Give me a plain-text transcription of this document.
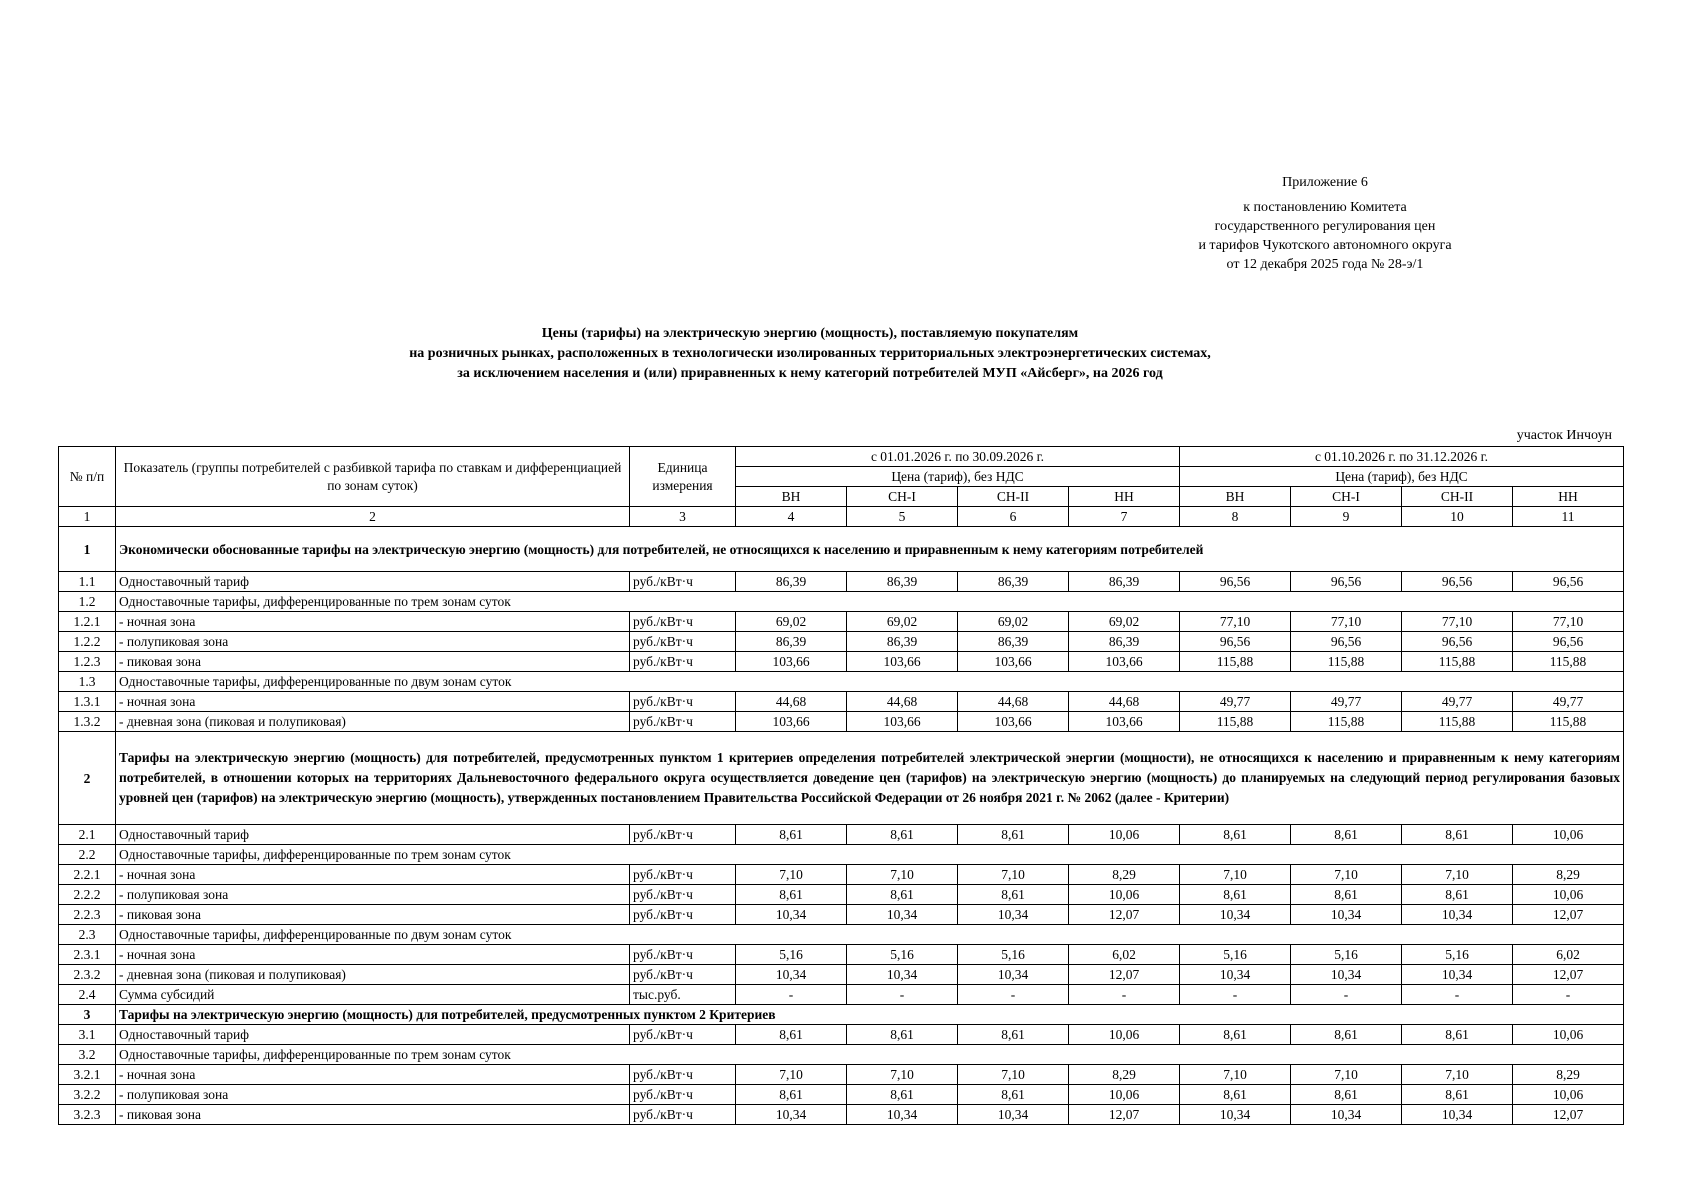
Приложение 6
к постановлению Комитета
государственного регулирования цен
и тарифов Чукотского автономного округа
от 12 декабря 2025 года № 28-э/1
Цены (тарифы) на электрическую энергию (мощность), поставляемую покупателям
на розничных рынках, расположенных в технологически изолированных территориальных электроэнергетических системах,
за исключением населения и (или) приравненных к нему категорий потребителей МУП «Айсберг», на 2026 год
участок Инчоун
№ п/п	Показатель (группы потребителей с разбивкой тарифа по ставкам и дифференциацией по зонам суток)	Единица измерения	с 01.01.2026 г. по 30.09.2026 г.				с 01.10.2026 г. по 31.12.2026 г.			
			Цена (тариф), без НДС				Цена (тариф), без НДС			
			ВН	СН-I	СН-II	НН	ВН	СН-I	СН-II	НН
1	2	3	4	5	6	7	8	9	10	11
1	Экономически обоснованные тарифы на электрическую энергию (мощность) для потребителей, не относящихся к населению и приравненным к нему категориям потребителей									
1.1	Одноставочный тариф	руб./кВт·ч	86,39	86,39	86,39	86,39	96,56	96,56	96,56	96,56
1.2	Одноставочные тарифы, дифференцированные по трем зонам суток									
1.2.1	- ночная зона	руб./кВт·ч	69,02	69,02	69,02	69,02	77,10	77,10	77,10	77,10
1.2.2	- полупиковая зона	руб./кВт·ч	86,39	86,39	86,39	86,39	96,56	96,56	96,56	96,56
1.2.3	- пиковая зона	руб./кВт·ч	103,66	103,66	103,66	103,66	115,88	115,88	115,88	115,88
1.3	Одноставочные тарифы, дифференцированные по двум зонам суток									
1.3.1	- ночная зона	руб./кВт·ч	44,68	44,68	44,68	44,68	49,77	49,77	49,77	49,77
1.3.2	- дневная зона (пиковая и полупиковая)	руб./кВт·ч	103,66	103,66	103,66	103,66	115,88	115,88	115,88	115,88
2	Тарифы на электрическую энергию (мощность) для потребителей, предусмотренных пунктом 1 критериев определения потребителей электрической энергии (мощности), не относящихся к населению и приравненным к нему категориям потребителей, в отношении которых на территориях Дальневосточного федерального округа осуществляется доведение цен (тарифов) на электрическую энергию (мощность) до планируемых на следующий период регулирования базовых уровней цен (тарифов) на электрическую энергию (мощность), утвержденных постановлением Правительства Российской Федерации от 26 ноября 2021 г. № 2062 (далее - Критерии)									
2.1	Одноставочный тариф	руб./кВт·ч	8,61	8,61	8,61	10,06	8,61	8,61	8,61	10,06
2.2	Одноставочные тарифы, дифференцированные по трем зонам суток									
2.2.1	- ночная зона	руб./кВт·ч	7,10	7,10	7,10	8,29	7,10	7,10	7,10	8,29
2.2.2	- полупиковая зона	руб./кВт·ч	8,61	8,61	8,61	10,06	8,61	8,61	8,61	10,06
2.2.3	- пиковая зона	руб./кВт·ч	10,34	10,34	10,34	12,07	10,34	10,34	10,34	12,07
2.3	Одноставочные тарифы, дифференцированные по двум зонам суток									
2.3.1	- ночная зона	руб./кВт·ч	5,16	5,16	5,16	6,02	5,16	5,16	5,16	6,02
2.3.2	- дневная зона (пиковая и полупиковая)	руб./кВт·ч	10,34	10,34	10,34	12,07	10,34	10,34	10,34	12,07
2.4	Сумма субсидий	тыс.руб.	-	-	-	-	-	-	-	-
3	Тарифы на электрическую энергию (мощность) для потребителей, предусмотренных пунктом 2 Критериев									
3.1	Одноставочный тариф	руб./кВт·ч	8,61	8,61	8,61	10,06	8,61	8,61	8,61	10,06
3.2	Одноставочные тарифы, дифференцированные по трем зонам суток									
3.2.1	- ночная зона	руб./кВт·ч	7,10	7,10	7,10	8,29	7,10	7,10	7,10	8,29
3.2.2	- полупиковая зона	руб./кВт·ч	8,61	8,61	8,61	10,06	8,61	8,61	8,61	10,06
3.2.3	- пиковая зона	руб./кВт·ч	10,34	10,34	10,34	12,07	10,34	10,34	10,34	12,07
